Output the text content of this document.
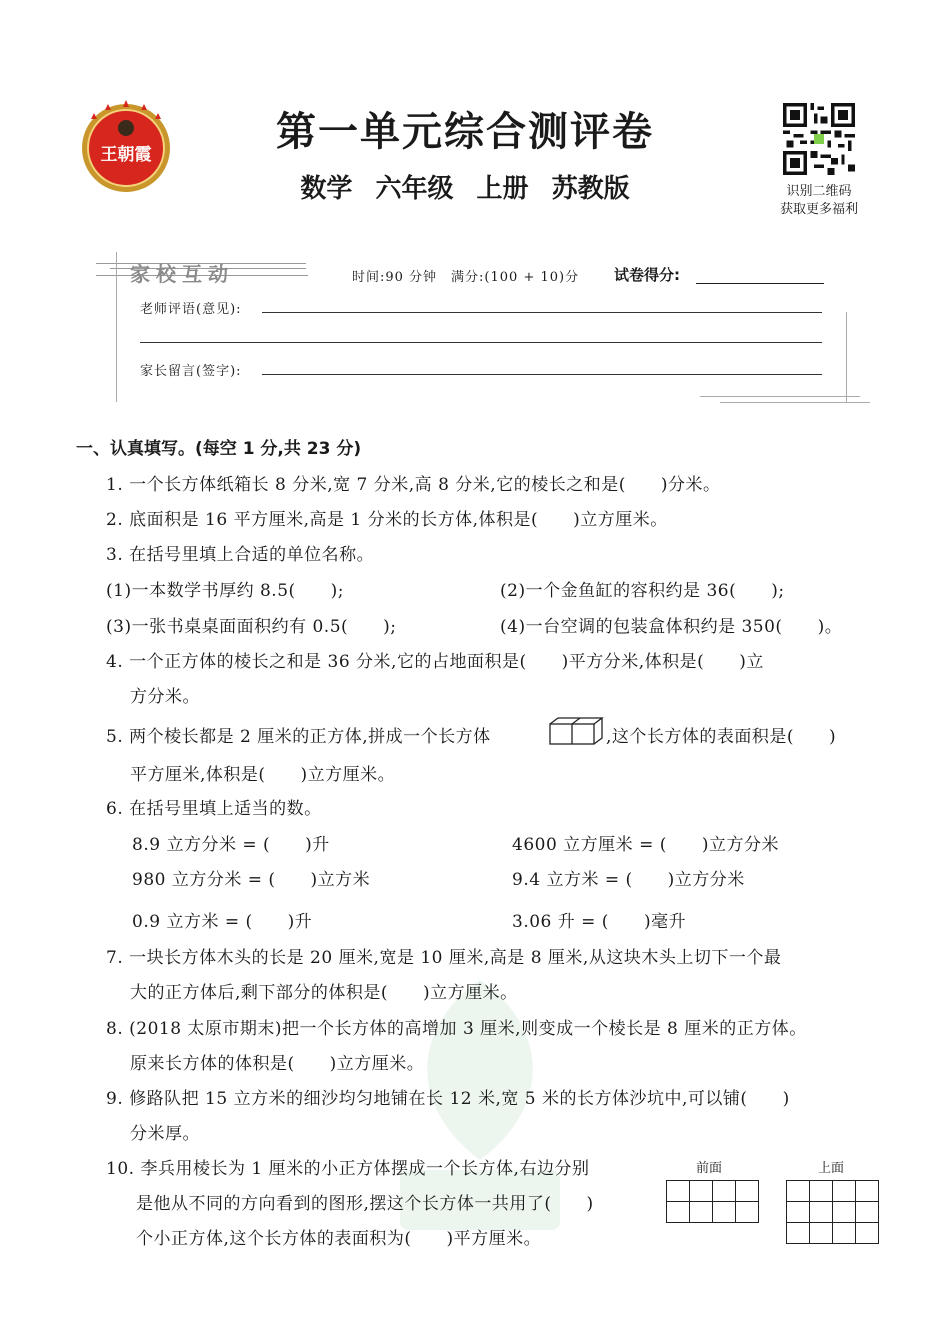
王朝霞	第一单元综合测评卷
数学 六年级 上册 苏教版	识别二维码
获取更多福利
家校互动	时间:90 分钟　满分:(100 + 10)分 试卷得分:
老师评语(意见):
家长留言(签字):
一、认真填写。(每空 1 分,共 23 分)
1. 一个长方体纸箱长 8 分米,宽 7 分米,高 8 分米,它的棱长之和是(　　)分米。
2. 底面积是 16 平方厘米,高是 1 分米的长方体,体积是(　　)立方厘米。
3. 在括号里填上合适的单位名称。
(1)一本数学书厚约 8.5(　　);	(2)一个金鱼缸的容积约是 36(　　);
(3)一张书桌桌面面积约有 0.5(　　);	(4)一台空调的包装盒体积约是 350(　　)。
4. 一个正方体的棱长之和是 36 分米,它的占地面积是(　　)平方分米,体积是(　　)立
方分米。
5. 两个棱长都是 2 厘米的正方体,拼成一个长方体	,这个长方体的表面积是(　　)
平方厘米,体积是(　　)立方厘米。
6. 在括号里填上适当的数。
8.9 立方分米 = (　　)升	4600 立方厘米 = (　　)立方分米
980 立方分米 = (　　)立方米	9.4 立方米 = (　　)立方分米
0.9 立方米 = (　　)升	3.06 升 = (　　)毫升
7. 一块长方体木头的长是 20 厘米,宽是 10 厘米,高是 8 厘米,从这块木头上切下一个最
大的正方体后,剩下部分的体积是(　　)立方厘米。
8. (2018 太原市期末)把一个长方体的高增加 3 厘米,则变成一个棱长是 8 厘米的正方体。
原来长方体的体积是(　　)立方厘米。
9. 修路队把 15 立方米的细沙均匀地铺在长 12 米,宽 5 米的长方体沙坑中,可以铺(　　)
分米厚。
10. 李兵用棱长为 1 厘米的小正方体摆成一个长方体,右边分别
是他从不同的方向看到的图形,摆这个长方体一共用了(　　)
个小正方体,这个长方体的表面积为(　　)平方厘米。
前面

				上面
